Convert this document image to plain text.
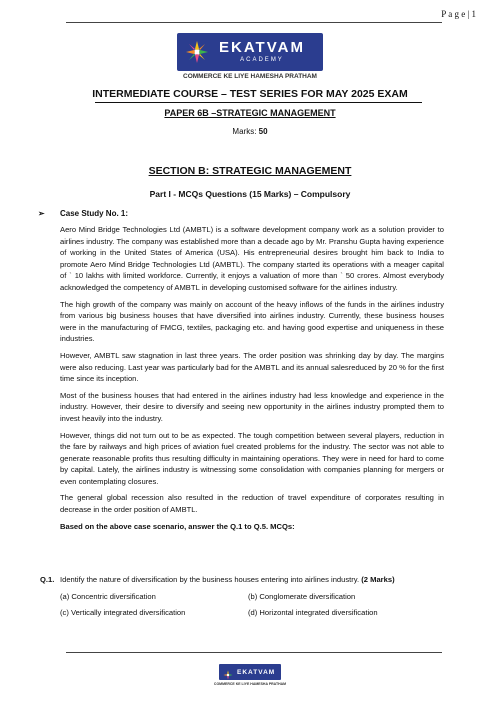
P a g e | 1
EKATVAM
ACADEMY
COMMERCE KE LIYE HAMESHA PRATHAM
INTERMEDIATE COURSE – TEST SERIES FOR MAY 2025 EXAM
PAPER 6B –STRATEGIC MANAGEMENT
Marks: 50
SECTION B: STRATEGIC MANAGEMENT
Part I - MCQs Questions (15 Marks) – Compulsory
➢ Case Study No. 1:

Aero Mind Bridge Technologies Ltd (AMBTL) is a software development company work as a solution provider to airlines industry. The company was established more than a decade ago by Mr. Pranshu Gupta having experience of working in the United States of America (USA). His entrepreneurial desires brought him back to India to promote Aero Mind Bridge Technologies Ltd (AMBTL). The company started its operations with a meager capital of ` 10 lakhs with limited workforce. Currently, it enjoys a valuation of more than ` 50 crores. Almost everybody acknowledged the competency of AMBTL in developing customised software for the airlines industry.

The high growth of the company was mainly on account of the heavy inflows of the funds in the airlines industry from various big business houses that have diversified into airlines industry. Currently, these business houses were in the manufacturing of FMCG, textiles, packaging etc. and having good expertise and uniqueness in these industries.

However, AMBTL saw stagnation in last three years. The order position was shrinking day by day. The margins were also reducing. Last year was particularly bad for the AMBTL and its annual salesreduced by 20 % for the first time since its inception.

Most of the business houses that had entered in the airlines industry had less knowledge and experience in the industry. However, their desire to diversify and seeing new opportunity in the airlines industry prompted them to invest heavily into the industry.

However, things did not turn out to be as expected. The tough competition between several players, reduction in the fare by railways and high prices of aviation fuel created problems for the industry. The sector was not able to generate reasonable profits thus resulting difficulty in maintaining operations. They were in need for hard to come by capital. Lately, the airlines industry is witnessing some consolidation with companies planning for mergers or even contemplating closures.

The general global recession also resulted in the reduction of travel expenditure of corporates resulting in decrease in the order position of AMBTL.

Based on the above case scenario, answer the Q.1 to Q.5. MCQs:

Q.1. Identify the nature of diversification by the business houses entering into airlines industry. (2 Marks)
(a) Concentric diversification	(b) Conglomerate diversification
(c) Vertically integrated diversification	(d) Horizontal integrated diversification
EKATVAM
COMMERCE KE LIYE HAMESHA PRATHAM
